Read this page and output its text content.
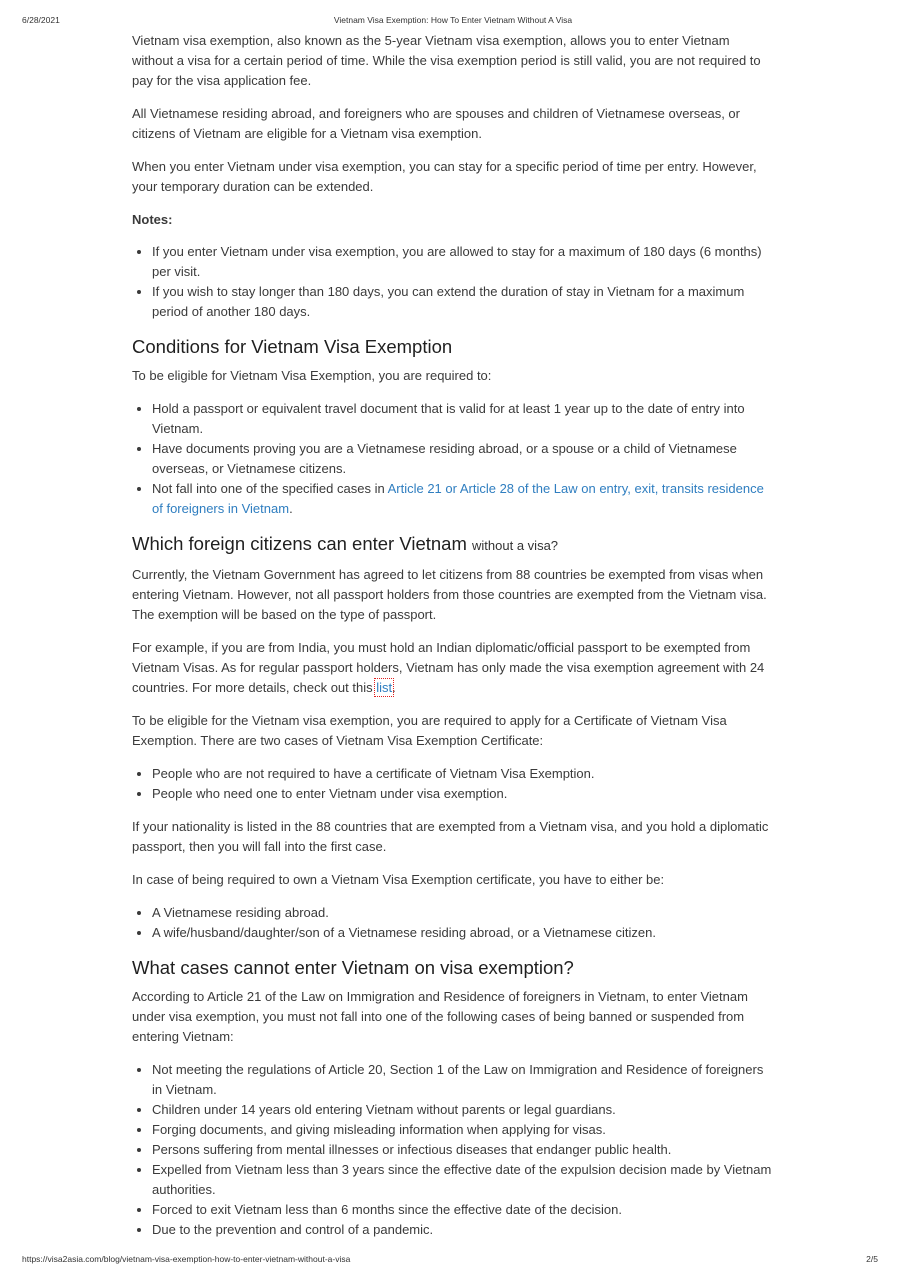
6/28/2021	Vietnam Visa Exemption: How To Enter Vietnam Without A Visa

Vietnam visa exemption, also known as the 5-year Vietnam visa exemption, allows you to enter Vietnam without a visa for a certain period of time. While the visa exemption period is still valid, you are not required to pay for the visa application fee.

All Vietnamese residing abroad, and foreigners who are spouses and children of Vietnamese overseas, or citizens of Vietnam are eligible for a Vietnam visa exemption.

When you enter Vietnam under visa exemption, you can stay for a specific period of time per entry. However, your temporary duration can be extended.

Notes:

• If you enter Vietnam under visa exemption, you are allowed to stay for a maximum of 180 days (6 months) per visit.
• If you wish to stay longer than 180 days, you can extend the duration of stay in Vietnam for a maximum period of another 180 days.
Conditions for Vietnam Visa Exemption

To be eligible for Vietnam Visa Exemption, you are required to:

• Hold a passport or equivalent travel document that is valid for at least 1 year up to the date of entry into Vietnam.
• Have documents proving you are a Vietnamese residing abroad, or a spouse or a child of Vietnamese overseas, or Vietnamese citizens.
• Not fall into one of the specified cases in Article 21 or Article 28 of the Law on entry, exit, transits residence of foreigners in Vietnam.
Which foreign citizens can enter Vietnam without a visa?

Currently, the Vietnam Government has agreed to let citizens from 88 countries be exempted from visas when entering Vietnam. However, not all passport holders from those countries are exempted from the Vietnam visa. The exemption will be based on the type of passport.

For example, if you are from India, you must hold an Indian diplomatic/official passport to be exempted from Vietnam Visas. As for regular passport holders, Vietnam has only made the visa exemption agreement with 24 countries. For more details, check out this list.

To be eligible for the Vietnam visa exemption, you are required to apply for a Certificate of Vietnam Visa Exemption. There are two cases of Vietnam Visa Exemption Certificate:

• People who are not required to have a certificate of Vietnam Visa Exemption.
• People who need one to enter Vietnam under visa exemption.

If your nationality is listed in the 88 countries that are exempted from a Vietnam visa, and you hold a diplomatic passport, then you will fall into the first case.

In case of being required to own a Vietnam Visa Exemption certificate, you have to either be:

• A Vietnamese residing abroad.
• A wife/husband/daughter/son of a Vietnamese residing abroad, or a Vietnamese citizen.
What cases cannot enter Vietnam on visa exemption?

According to Article 21 of the Law on Immigration and Residence of foreigners in Vietnam, to enter Vietnam under visa exemption, you must not fall into one of the following cases of being banned or suspended from entering Vietnam:

• Not meeting the regulations of Article 20, Section 1 of the Law on Immigration and Residence of foreigners in Vietnam.
• Children under 14 years old entering Vietnam without parents or legal guardians.
• Forging documents, and giving misleading information when applying for visas.
• Persons suffering from mental illnesses or infectious diseases that endanger public health.
• Expelled from Vietnam less than 3 years since the effective date of the expulsion decision made by Vietnam authorities.
• Forced to exit Vietnam less than 6 months since the effective date of the decision.
• Due to the prevention and control of a pandemic.
https://visa2asia.com/blog/vietnam-visa-exemption-how-to-enter-vietnam-without-a-visa	2/5
